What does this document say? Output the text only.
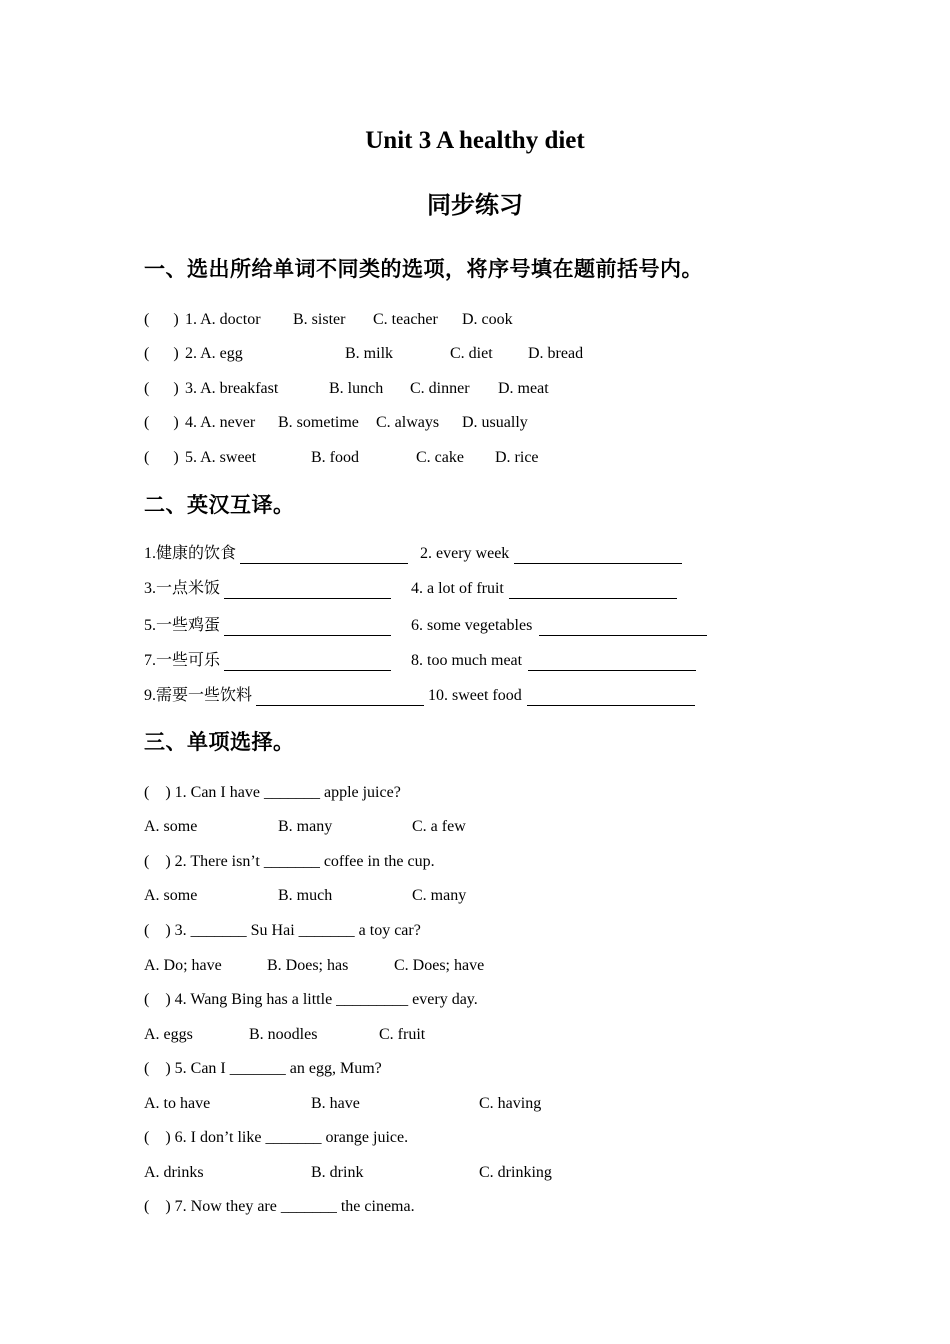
Unit 3 A healthy diet
同步练习
一、选出所给单词不同类的选项，将序号填在题前括号内。
(      ) 1. A. doctor B. sister C. teacher D. cook
(      ) 2. A. egg	B. milk	C. diet D. bread
(      ) 3. A. breakfast	B. lunch C. dinner D. meat
(      ) 4. A. never B. sometime C. always D. usually
(      ) 5. A. sweet	B. food	C. cake D. rice
二、英汉互译。
1.健康的饮食	2. every week
3.一点米饭	4. a lot of fruit
5.一些鸡蛋	6. some vegetables
7.一些可乐	8. too much meat
9.需要一些饮料	10. sweet food
三、单项选择。
(    ) 1. Can I have _______ apple juice?
A. some	B. many	C. a few
(    ) 2. There isn’t _______ coffee in the cup.
A. some	B. much	C. many
(    ) 3. _______ Su Hai _______ a toy car?
A. Do; have	B. Does; has	C. Does; have
(    ) 4. Wang Bing has a little _________ every day.
A. eggs	B. noodles	C. fruit
(    ) 5. Can I _______ an egg, Mum?
A. to have	B. have	C. having
(    ) 6. I don’t like _______ orange juice.
A. drinks	B. drink	C. drinking
(    ) 7. Now they are _______ the cinema.
